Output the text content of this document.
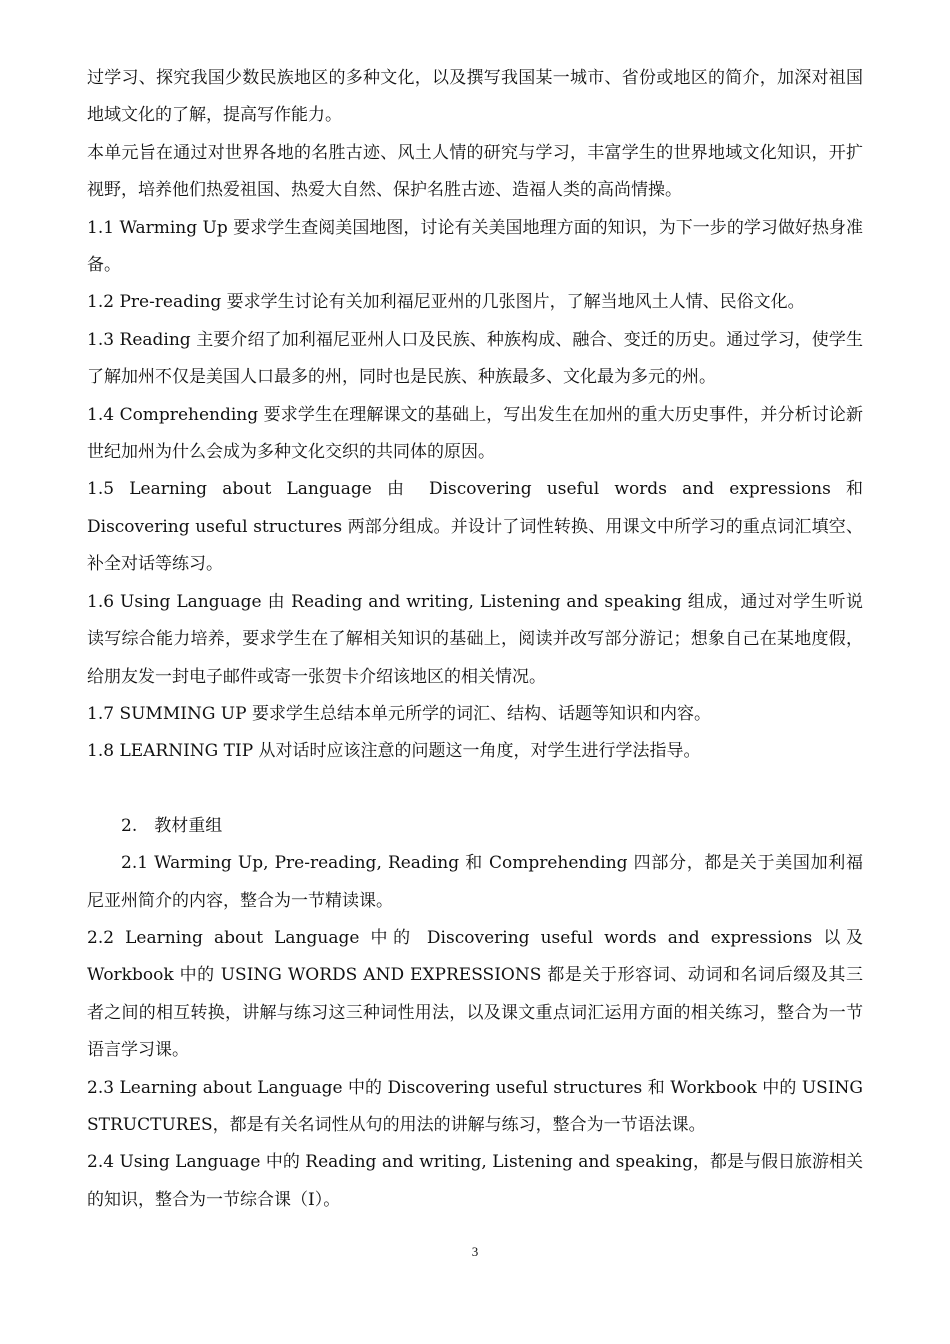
过学习、探究我国少数民族地区的多种文化，以及撰写我国某一城市、省份或地区的简介，加深对祖国地域文化的了解，提高写作能力。

本单元旨在通过对世界各地的名胜古迹、风土人情的研究与学习，丰富学生的世界地域文化知识，开扩视野，培养他们热爱祖国、热爱大自然、保护名胜古迹、造福人类的高尚情操。

1.1 Warming Up 要求学生查阅美国地图，讨论有关美国地理方面的知识，为下一步的学习做好热身准备。

1.2 Pre-reading 要求学生讨论有关加利福尼亚州的几张图片，了解当地风土人情、民俗文化。

1.3 Reading 主要介绍了加利福尼亚州人口及民族、种族构成、融合、变迁的历史。通过学习，使学生了解加州不仅是美国人口最多的州，同时也是民族、种族最多、文化最为多元的州。

1.4 Comprehending 要求学生在理解课文的基础上，写出发生在加州的重大历史事件，并分析讨论新世纪加州为什么会成为多种文化交织的共同体的原因。

1.5 Learning about Language 由 Discovering useful words and expressions 和 Discovering useful structures 两部分组成。并设计了词性转换、用课文中所学习的重点词汇填空、补全对话等练习。

1.6 Using Language 由 Reading and writing, Listening and speaking 组成，通过对学生听说读写综合能力培养，要求学生在了解相关知识的基础上，阅读并改写部分游记；想象自己在某地度假，给朋友发一封电子邮件或寄一张贺卡介绍该地区的相关情况。

1.7 SUMMING UP 要求学生总结本单元所学的词汇、结构、话题等知识和内容。

1.8 LEARNING TIP 从对话时应该注意的问题这一角度，对学生进行学法指导。

2.　教材重组

2.1 Warming Up, Pre-reading, Reading 和 Comprehending 四部分，都是关于美国加利福尼亚州简介的内容，整合为一节精读课。

2.2 Learning about Language 中的 Discovering useful words and expressions 以及 Workbook 中的 USING WORDS AND EXPRESSIONS 都是关于形容词、动词和名词后缀及其三者之间的相互转换，讲解与练习这三种词性用法，以及课文重点词汇运用方面的相关练习，整合为一节语言学习课。

2.3 Learning about Language 中的 Discovering useful structures 和 Workbook 中的 USING STRUCTURES，都是有关名词性从句的用法的讲解与练习，整合为一节语法课。

2.4 Using Language 中的 Reading and writing, Listening and speaking，都是与假日旅游相关的知识，整合为一节综合课（I）。

3
